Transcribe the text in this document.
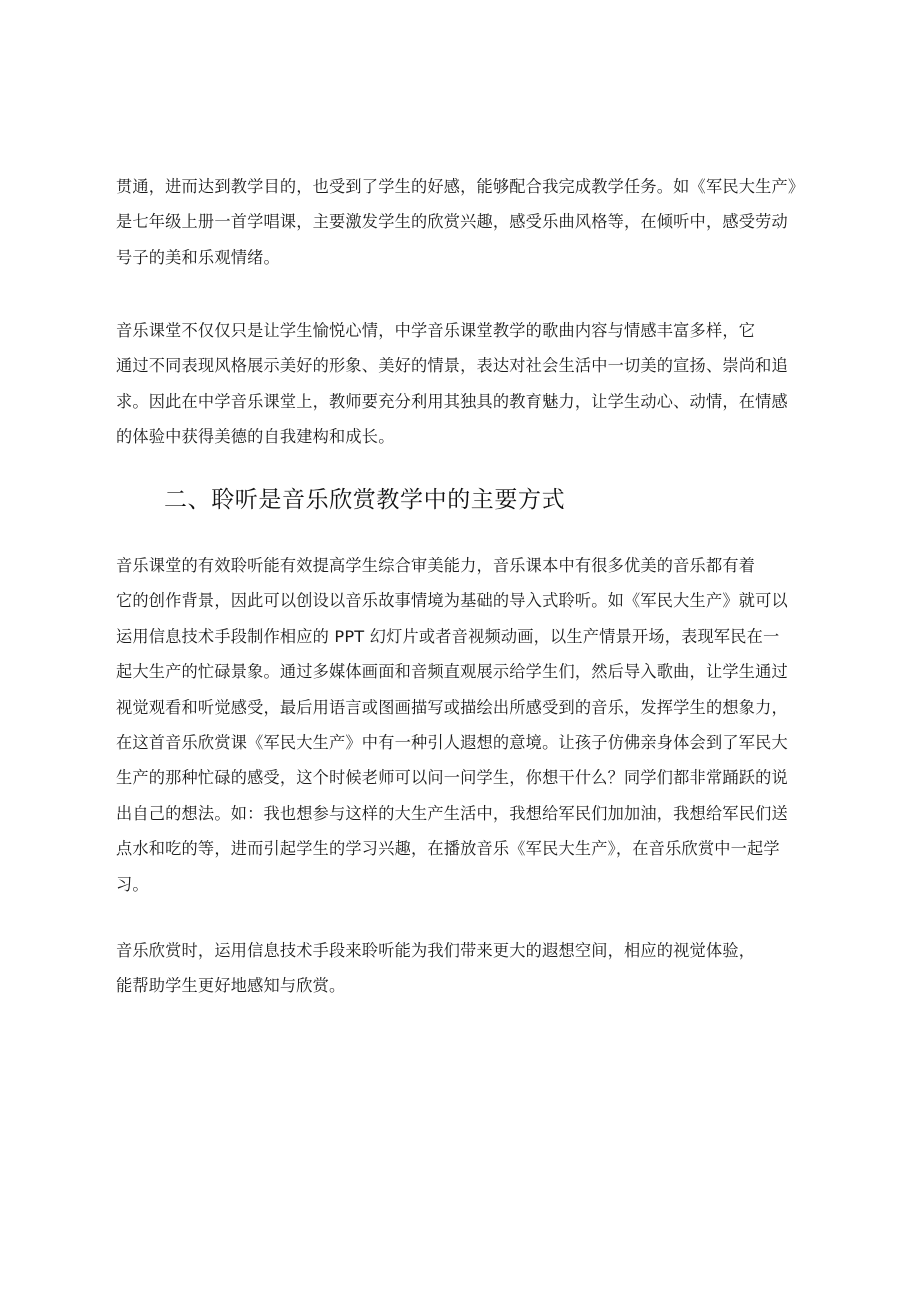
贯通，进而达到教学目的，也受到了学生的好感，能够配合我完成教学任务。如《军民大生产》
是七年级上册一首学唱课，主要激发学生的欣赏兴趣，感受乐曲风格等，在倾听中，感受劳动
号子的美和乐观情绪。

音乐课堂不仅仅只是让学生愉悦心情，中学音乐课堂教学的歌曲内容与情感丰富多样，它
通过不同表现风格展示美好的形象、美好的情景，表达对社会生活中一切美的宣扬、崇尚和追
求。因此在中学音乐课堂上，教师要充分利用其独具的教育魅力，让学生动心、动情，在情感
的体验中获得美德的自我建构和成长。

二、聆听是音乐欣赏教学中的主要方式

音乐课堂的有效聆听能有效提高学生综合审美能力，音乐课本中有很多优美的音乐都有着
它的创作背景，因此可以创设以音乐故事情境为基础的导入式聆听。如《军民大生产》就可以
运用信息技术手段制作相应的 PPT 幻灯片或者音视频动画，以生产情景开场，表现军民在一
起大生产的忙碌景象。通过多媒体画面和音频直观展示给学生们，然后导入歌曲，让学生通过
视觉观看和听觉感受，最后用语言或图画描写或描绘出所感受到的音乐，发挥学生的想象力，
在这首音乐欣赏课《军民大生产》中有一种引人遐想的意境。让孩子仿佛亲身体会到了军民大
生产的那种忙碌的感受，这个时候老师可以问一问学生，你想干什么？同学们都非常踊跃的说
出自己的想法。如：我也想参与这样的大生产生活中，我想给军民们加加油，我想给军民们送
点水和吃的等，进而引起学生的学习兴趣，在播放音乐《军民大生产》，在音乐欣赏中一起学
习。

音乐欣赏时，运用信息技术手段来聆听能为我们带来更大的遐想空间，相应的视觉体验，
能帮助学生更好地感知与欣赏。
